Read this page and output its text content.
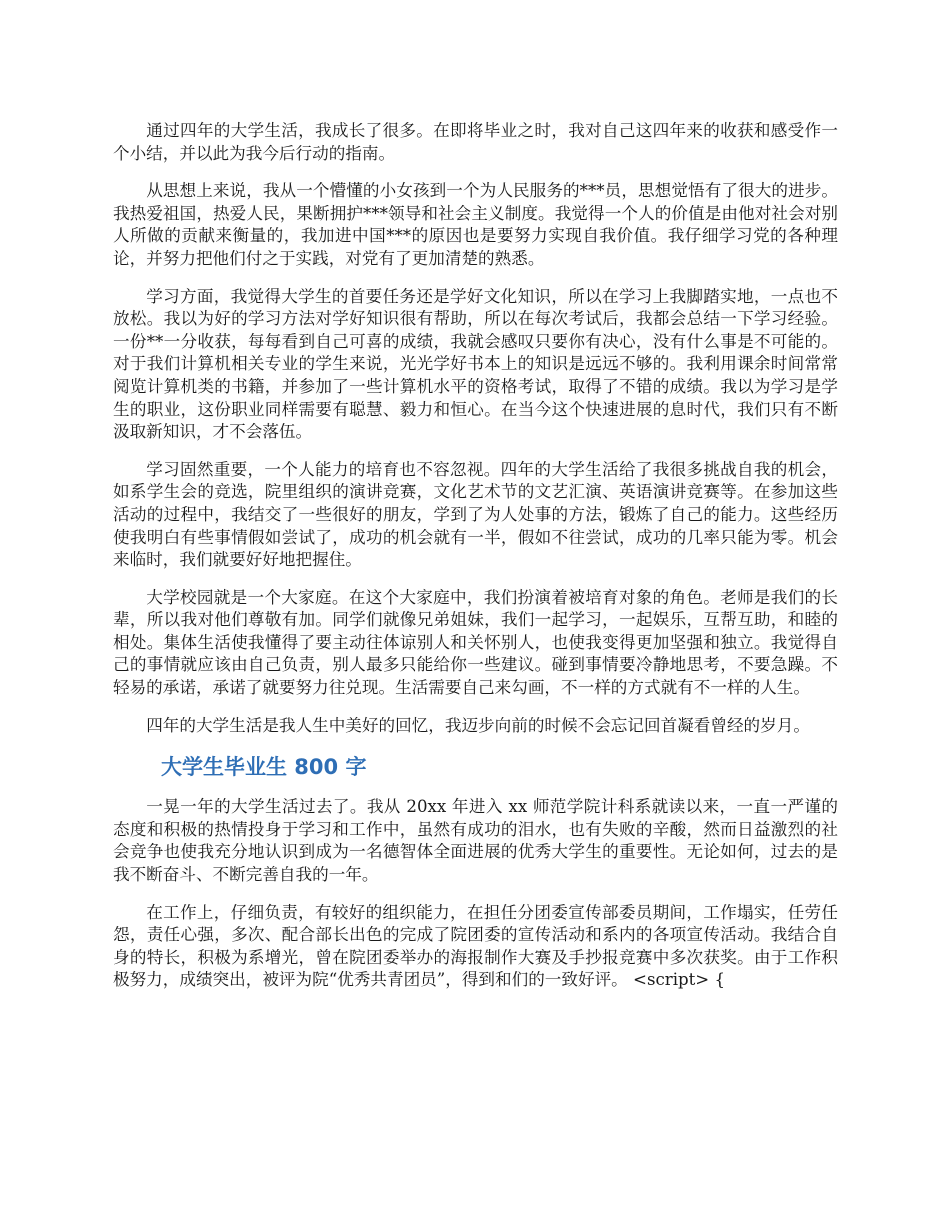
通过四年的大学生活，我成长了很多。在即将毕业之时，我对自己这四年来的收获和感受作一个小结，并以此为我今后行动的指南。

从思想上来说，我从一个懵懂的小女孩到一个为人民服务的***员，思想觉悟有了很大的进步。我热爱祖国，热爱人民，果断拥护***领导和社会主义制度。我觉得一个人的价值是由他对社会对别人所做的贡献来衡量的，我加进中国***的原因也是要努力实现自我价值。我仔细学习党的各种理论，并努力把他们付之于实践，对党有了更加清楚的熟悉。

学习方面，我觉得大学生的首要任务还是学好文化知识，所以在学习上我脚踏实地，一点也不放松。我以为好的学习方法对学好知识很有帮助，所以在每次考试后，我都会总结一下学习经验。一份**一分收获，每每看到自己可喜的成绩，我就会感叹只要你有决心，没有什么事是不可能的。对于我们计算机相关专业的学生来说，光光学好书本上的知识是远远不够的。我利用课余时间常常阅览计算机类的书籍，并参加了一些计算机水平的资格考试，取得了不错的成绩。我以为学习是学生的职业，这份职业同样需要有聪慧、毅力和恒心。在当今这个快速进展的息时代，我们只有不断汲取新知识，才不会落伍。

学习固然重要，一个人能力的培育也不容忽视。四年的大学生活给了我很多挑战自我的机会，如系学生会的竞选，院里组织的演讲竞赛，文化艺术节的文艺汇演、英语演讲竞赛等。在参加这些活动的过程中，我结交了一些很好的朋友，学到了为人处事的方法，锻炼了自己的能力。这些经历使我明白有些事情假如尝试了，成功的机会就有一半，假如不往尝试，成功的几率只能为零。机会来临时，我们就要好好地把握住。

大学校园就是一个大家庭。在这个大家庭中，我们扮演着被培育对象的角色。老师是我们的长辈，所以我对他们尊敬有加。同学们就像兄弟姐妹，我们一起学习，一起娱乐，互帮互助，和睦的相处。集体生活使我懂得了要主动往体谅别人和关怀别人，也使我变得更加坚强和独立。我觉得自己的事情就应该由自己负责，别人最多只能给你一些建议。碰到事情要冷静地思考，不要急躁。不轻易的承诺，承诺了就要努力往兑现。生活需要自己来勾画，不一样的方式就有不一样的人生。

四年的大学生活是我人生中美好的回忆，我迈步向前的时候不会忘记回首凝看曾经的岁月。

大学生毕业生 800 字

一晃一年的大学生活过去了。我从 20xx 年进入 xx 师范学院计科系就读以来，一直一严谨的态度和积极的热情投身于学习和工作中，虽然有成功的泪水，也有失败的辛酸，然而日益激烈的社会竞争也使我充分地认识到成为一名德智体全面进展的优秀大学生的重要性。无论如何，过去的是我不断奋斗、不断完善自我的一年。

在工作上，仔细负责，有较好的组织能力，在担任分团委宣传部委员期间，工作塌实，任劳任怨，责任心强，多次、配合部长出色的完成了院团委的宣传活动和系内的各项宣传活动。我结合自身的特长，积极为系增光，曾在院团委举办的海报制作大赛及手抄报竞赛中多次获奖。由于工作积极努力，成绩突出，被评为院“优秀共青团员”，得到和们的一致好评。 <script> {
